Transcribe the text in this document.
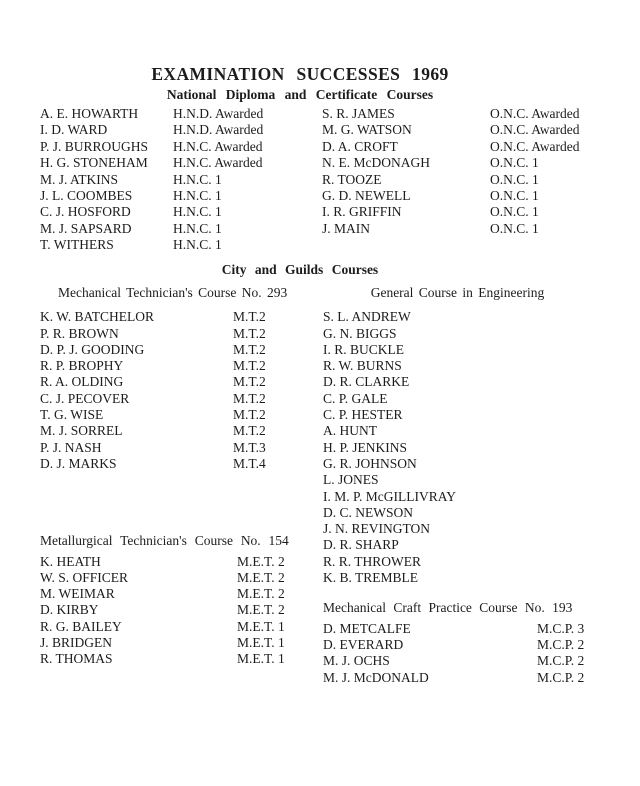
EXAMINATION SUCCESSES 1969
National Diploma and Certificate Courses
A. E. HOWARTH	H.N.D. Awarded
I. D. WARD	H.N.D. Awarded
P. J. BURROUGHS	H.N.C. Awarded
H. G. STONEHAM	H.N.C. Awarded
M. J. ATKINS	H.N.C. 1
J. L. COOMBES	H.N.C. 1
C. J. HOSFORD	H.N.C. 1
M. J. SAPSARD	H.N.C. 1
T. WITHERS	H.N.C. 1
S. R. JAMES	O.N.C. Awarded
M. G. WATSON	O.N.C. Awarded
D. A. CROFT	O.N.C. Awarded
N. E. McDONAGH	O.N.C. 1
R. TOOZE	O.N.C. 1
G. D. NEWELL	O.N.C. 1
I. R. GRIFFIN	O.N.C. 1
J. MAIN	O.N.C. 1
City and Guilds Courses
Mechanical Technician's Course No. 293
K. W. BATCHELOR	M.T.2
P. R. BROWN	M.T.2
D. P. J. GOODING	M.T.2
R. P. BROPHY	M.T.2
R. A. OLDING	M.T.2
C. J. PECOVER	M.T.2
T. G. WISE	M.T.2
M. J. SORREL	M.T.2
P. J. NASH	M.T.3
D. J. MARKS	M.T.4
Metallurgical Technician's Course No. 154
K. HEATH	M.E.T. 2
W. S. OFFICER	M.E.T. 2
M. WEIMAR	M.E.T. 2
D. KIRBY	M.E.T. 2
R. G. BAILEY	M.E.T. 1
J. BRIDGEN	M.E.T. 1
R. THOMAS	M.E.T. 1
General Course in Engineering
S. L. ANDREW
G. N. BIGGS
I. R. BUCKLE
R. W. BURNS
D. R. CLARKE
C. P. GALE
C. P. HESTER
A. HUNT
H. P. JENKINS
G. R. JOHNSON
L. JONES
I. M. P. McGILLIVRAY
D. C. NEWSON
J. N. REVINGTON
D. R. SHARP
R. R. THROWER
K. B. TREMBLE
Mechanical Craft Practice Course No. 193
D. METCALFE	M.C.P. 3
D. EVERARD	M.C.P. 2
M. J. OCHS	M.C.P. 2
M. J. McDONALD	M.C.P. 2
